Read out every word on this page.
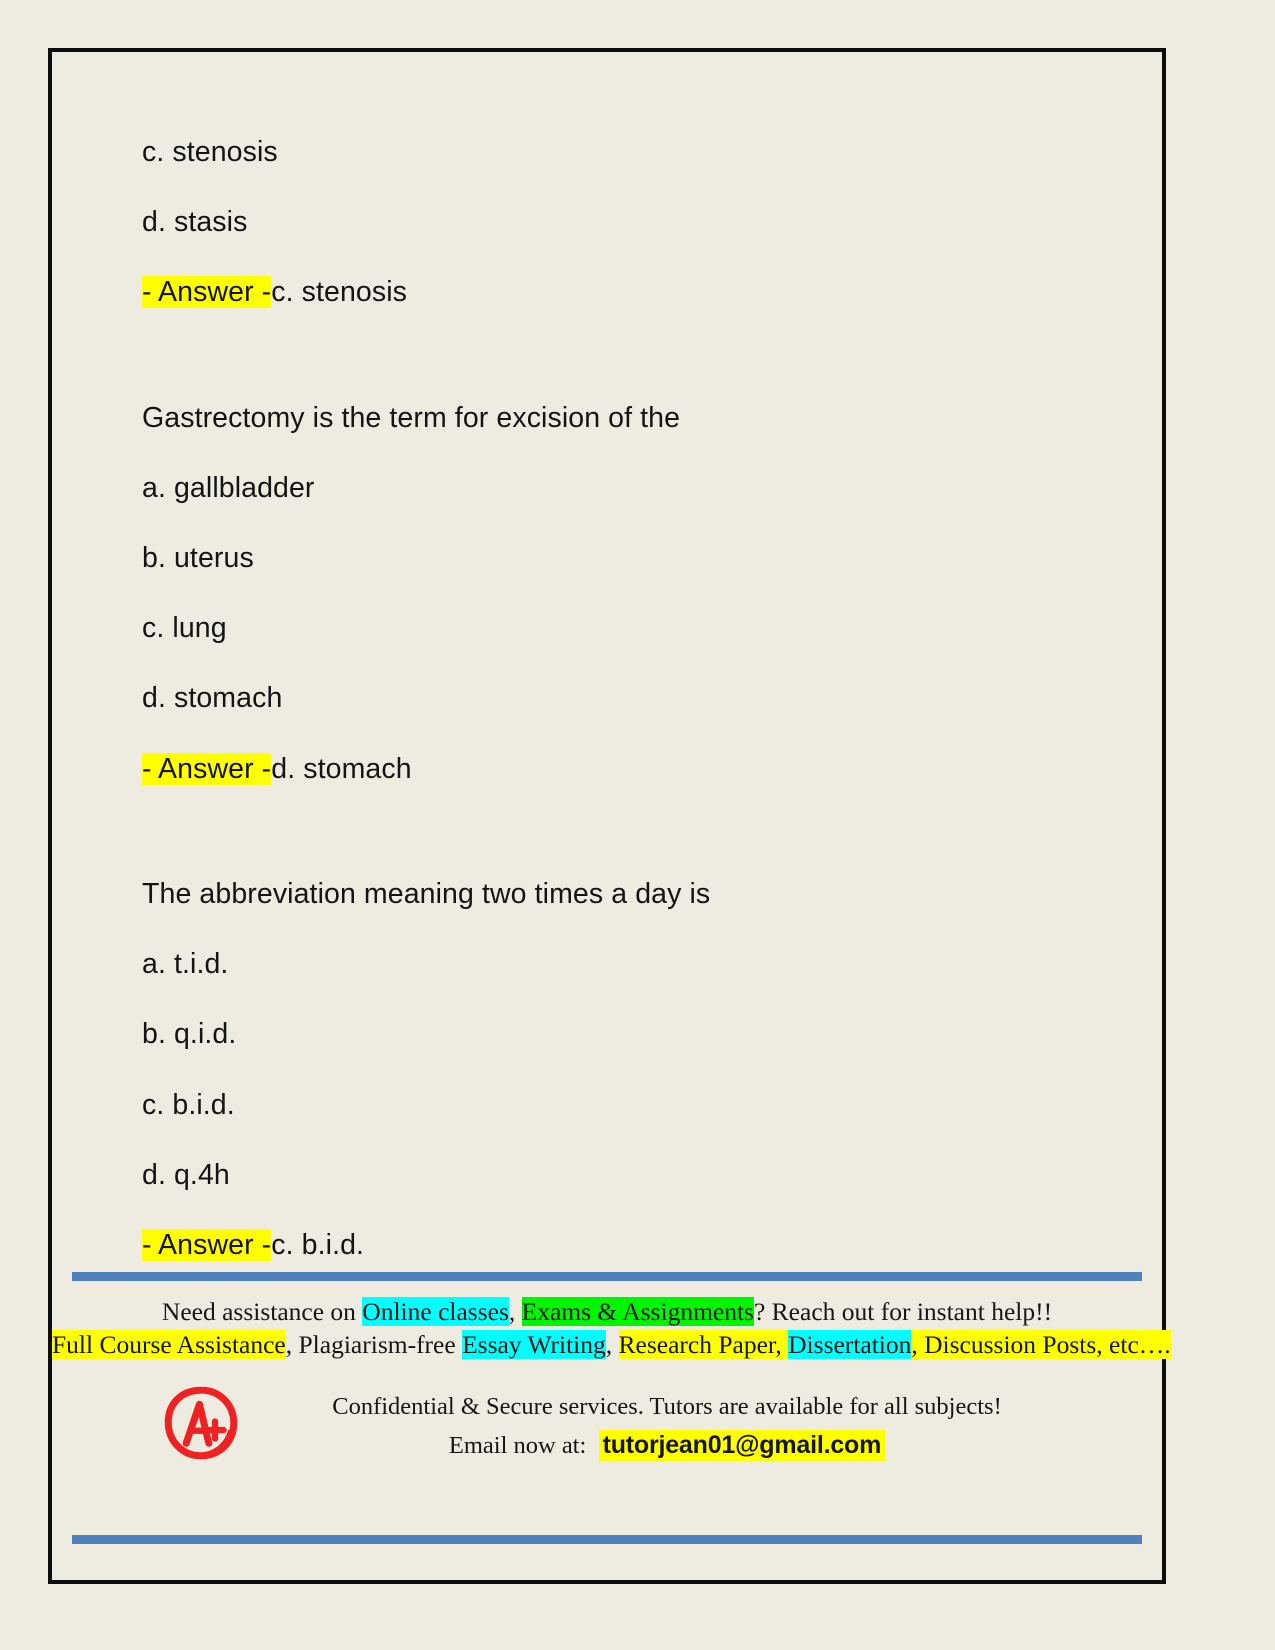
c. stenosis

d. stasis

- Answer -c. stenosis

Gastrectomy is the term for excision of the

a. gallbladder

b. uterus

c. lung

d. stomach

- Answer -d. stomach

The abbreviation meaning two times a day is

a. t.i.d.

b. q.i.d.

c. b.i.d.

d. q.4h

- Answer -c. b.i.d.

Need assistance on Online classes, Exams & Assignments? Reach out for instant help!!
Full Course Assistance, Plagiarism-free Essay Writing, Research Paper, Dissertation, Discussion Posts, etc….
Confidential & Secure services. Tutors are available for all subjects!
Email now at: tutorjean01@gmail.com
